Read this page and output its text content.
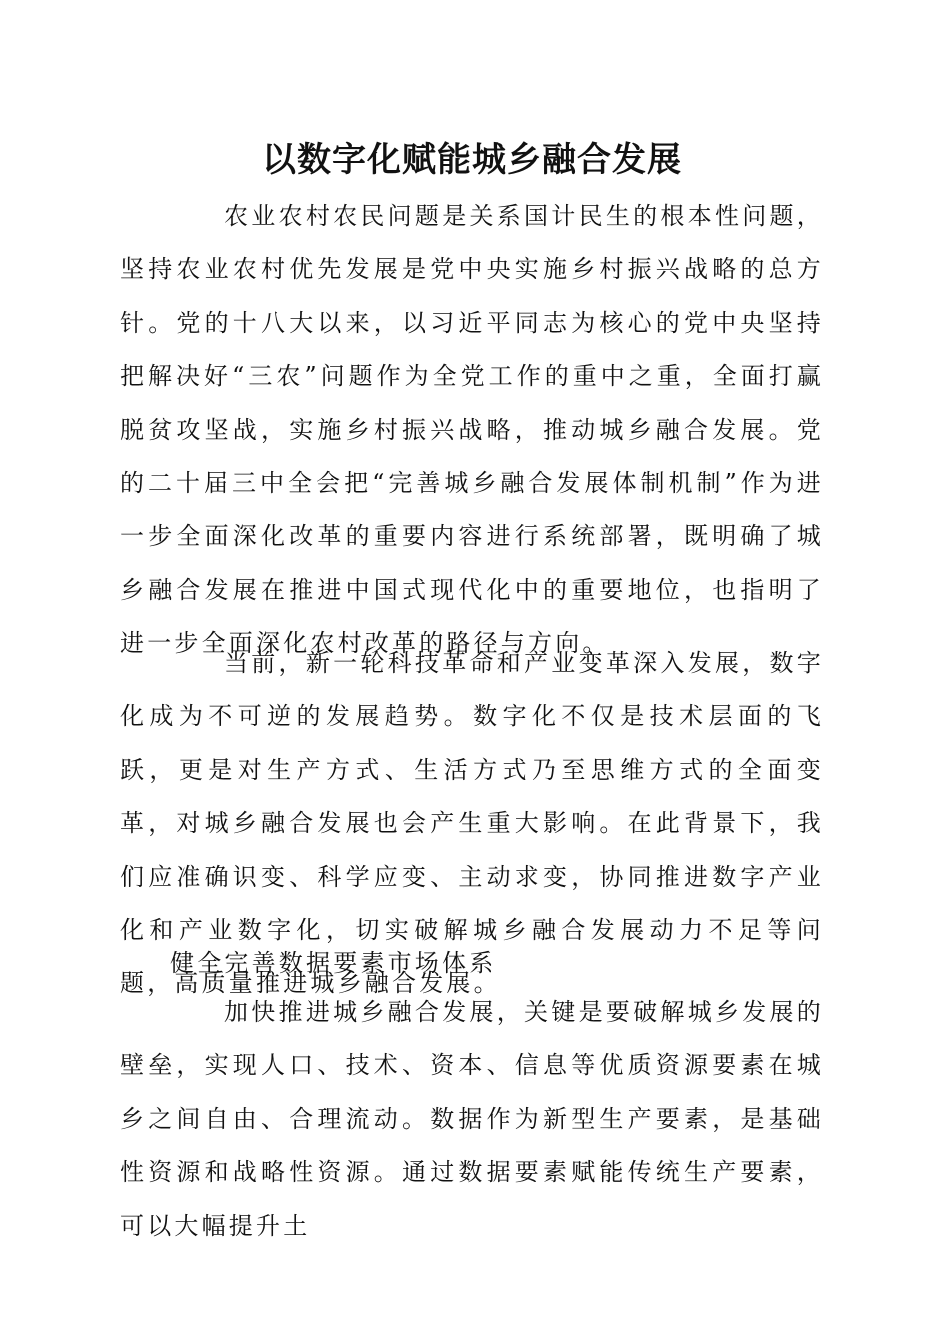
以数字化赋能城乡融合发展

农业农村农民问题是关系国计民生的根本性问题，坚持农业农村优先发展是党中央实施乡村振兴战略的总方针。党的十八大以来，以习近平同志为核心的党中央坚持把解决好“三农”问题作为全党工作的重中之重，全面打赢脱贫攻坚战，实施乡村振兴战略，推动城乡融合发展。党的二十届三中全会把“完善城乡融合发展体制机制”作为进一步全面深化改革的重要内容进行系统部署，既明确了城乡融合发展在推进中国式现代化中的重要地位，也指明了进一步全面深化农村改革的路径与方向。

当前，新一轮科技革命和产业变革深入发展，数字化成为不可逆的发展趋势。数字化不仅是技术层面的飞跃，更是对生产方式、生活方式乃至思维方式的全面变革，对城乡融合发展也会产生重大影响。在此背景下，我们应准确识变、科学应变、主动求变，协同推进数字产业化和产业数字化，切实破解城乡融合发展动力不足等问题，高质量推进城乡融合发展。

健全完善数据要素市场体系

加快推进城乡融合发展，关键是要破解城乡发展的壁垒，实现人口、技术、资本、信息等优质资源要素在城乡之间自由、合理流动。数据作为新型生产要素，是基础性资源和战略性资源。通过数据要素赋能传统生产要素，可以大幅提升土
